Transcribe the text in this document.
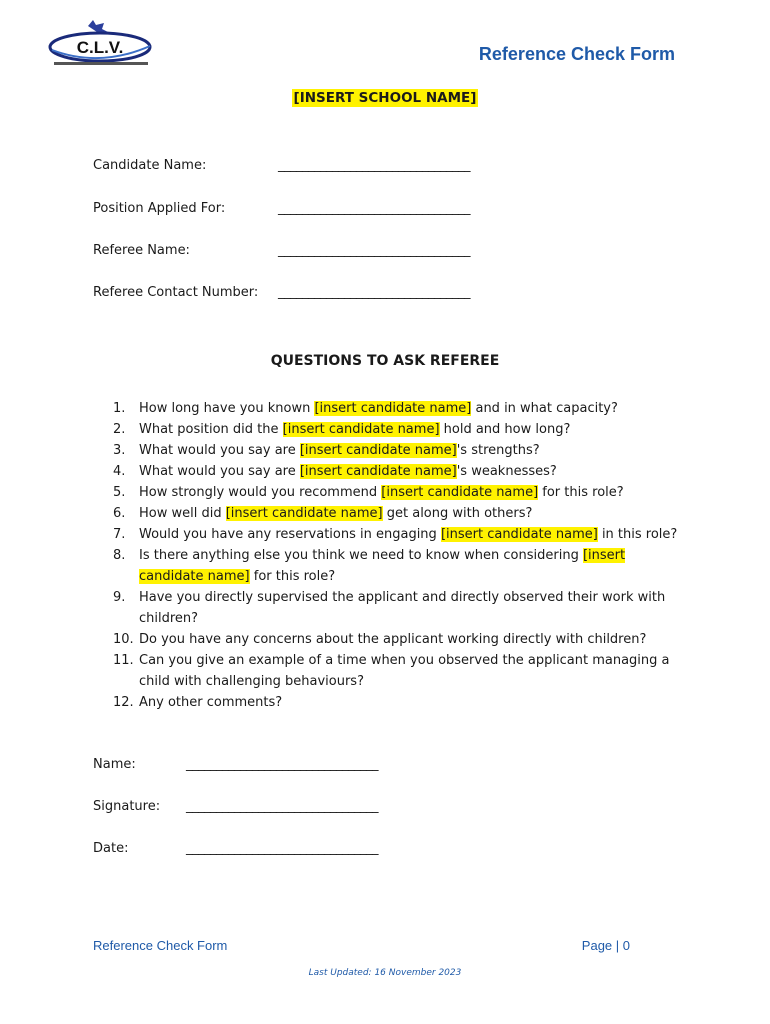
C.L.V.	Reference Check Form
[INSERT SCHOOL NAME]
Candidate Name:	________________________________
Position Applied For:	________________________________
Referee Name:	________________________________
Referee Contact Number: ________________________________
QUESTIONS TO ASK REFEREE
1.	How long have you known [insert candidate name] and in what capacity?
2.	What position did the [insert candidate name] hold and how long?
3.	What would you say are [insert candidate name]'s strengths?
4.	What would you say are [insert candidate name]'s weaknesses?
5.	How strongly would you recommend [insert candidate name] for this role?
6.	How well did [insert candidate name] get along with others?
7.	Would you have any reservations in engaging [insert candidate name] in this role?
8.	Is there anything else you think we need to know when considering [insert candidate name] for this role?
9.	Have you directly supervised the applicant and directly observed their work with children?
10. Do you have any concerns about the applicant working directly with children?
11. Can you give an example of a time when you observed the applicant managing a child with challenging behaviours?
12. Any other comments?
Name:	________________________________
Signature: ________________________________
Date:	________________________________
Reference Check Form	Page | 0
Last Updated: 16 November 2023
